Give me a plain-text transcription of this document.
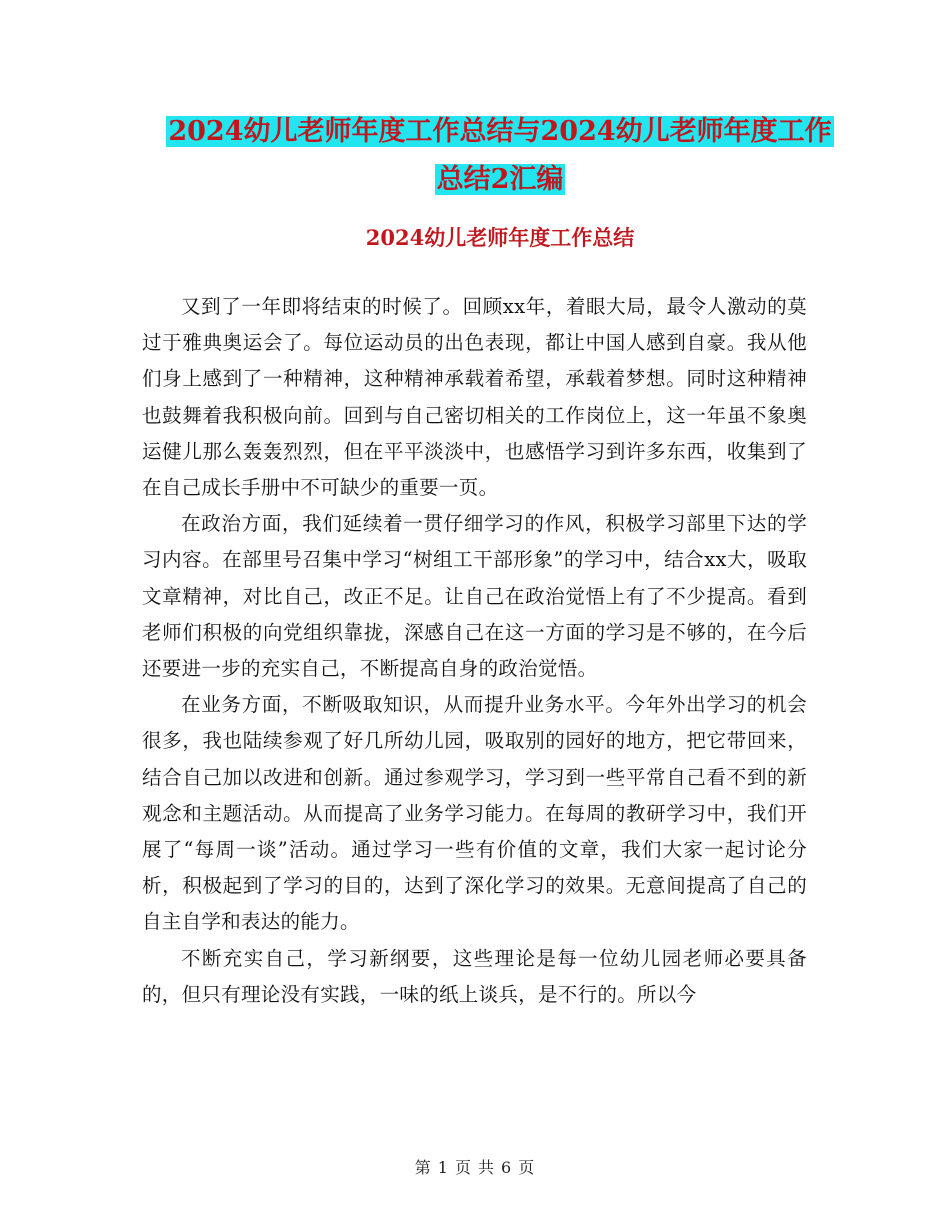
2024幼儿老师年度工作总结与2024幼儿老师年度工作
总结2汇编
2024幼儿老师年度工作总结

又到了一年即将结束的时候了。回顾xx年，着眼大局，最令人激动的莫过于雅典奥运会了。每位运动员的出色表现，都让中国人感到自豪。我从他们身上感到了一种精神，这种精神承载着希望，承载着梦想。同时这种精神也鼓舞着我积极向前。回到与自己密切相关的工作岗位上，这一年虽不象奥运健儿那么轰轰烈烈，但在平平淡淡中，也感悟学习到许多东西，收集到了在自己成长手册中不可缺少的重要一页。

在政治方面，我们延续着一贯仔细学习的作风，积极学习部里下达的学习内容。在部里号召集中学习“树组工干部形象”的学习中，结合xx大，吸取文章精神，对比自己，改正不足。让自己在政治觉悟上有了不少提高。看到老师们积极的向党组织靠拢，深感自己在这一方面的学习是不够的，在今后还要进一步的充实自己，不断提高自身的政治觉悟。

在业务方面，不断吸取知识，从而提升业务水平。今年外出学习的机会很多，我也陆续参观了好几所幼儿园，吸取别的园好的地方，把它带回来，结合自己加以改进和创新。通过参观学习，学习到一些平常自己看不到的新观念和主题活动。从而提高了业务学习能力。在每周的教研学习中，我们开展了“每周一谈”活动。通过学习一些有价值的文章，我们大家一起讨论分析，积极起到了学习的目的，达到了深化学习的效果。无意间提高了自己的自主自学和表达的能力。

不断充实自己，学习新纲要，这些理论是每一位幼儿园老师必要具备的，但只有理论没有实践，一味的纸上谈兵，是不行的。所以今

第 1 页 共 6 页
